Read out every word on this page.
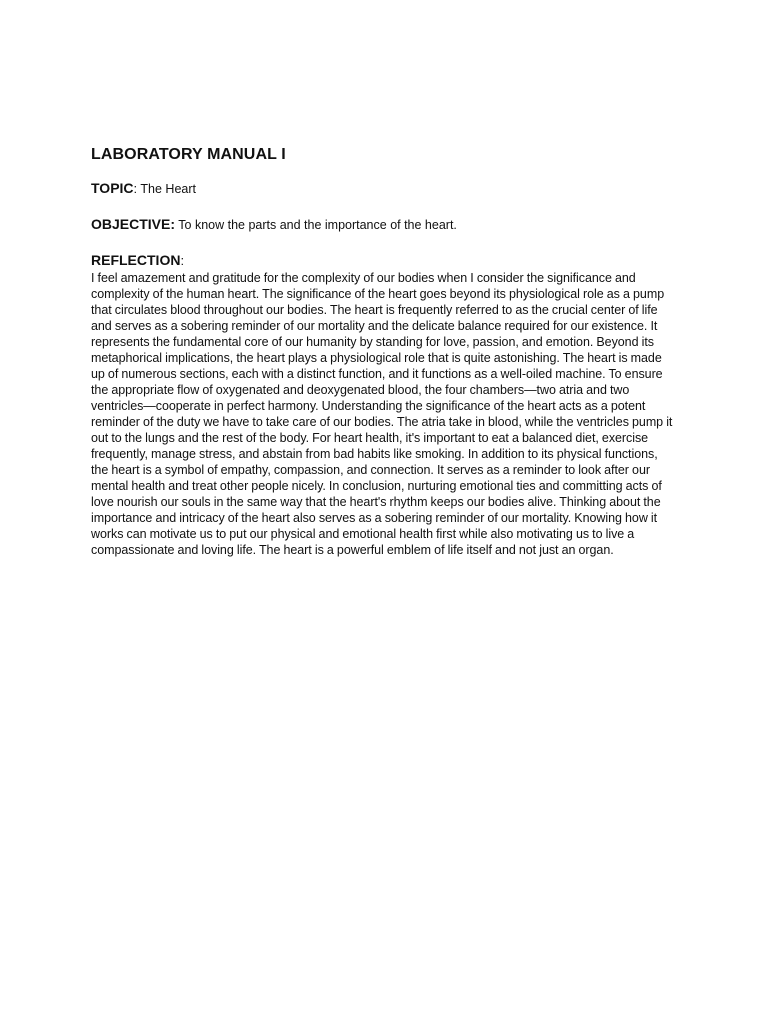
LABORATORY MANUAL I
TOPIC: The Heart
OBJECTIVE: To know the parts and the importance of the heart.
REFLECTION:

I feel amazement and gratitude for the complexity of our bodies when I consider the significance and complexity of the human heart. The significance of the heart goes beyond its physiological role as a pump that circulates blood throughout our bodies. The heart is frequently referred to as the crucial center of life and serves as a sobering reminder of our mortality and the delicate balance required for our existence. It represents the fundamental core of our humanity by standing for love, passion, and emotion. Beyond its metaphorical implications, the heart plays a physiological role that is quite astonishing. The heart is made up of numerous sections, each with a distinct function, and it functions as a well-oiled machine. To ensure the appropriate flow of oxygenated and deoxygenated blood, the four chambers—two atria and two ventricles—cooperate in perfect harmony. Understanding the significance of the heart acts as a potent reminder of the duty we have to take care of our bodies. The atria take in blood, while the ventricles pump it out to the lungs and the rest of the body. For heart health, it's important to eat a balanced diet, exercise frequently, manage stress, and abstain from bad habits like smoking. In addition to its physical functions, the heart is a symbol of empathy, compassion, and connection. It serves as a reminder to look after our mental health and treat other people nicely. In conclusion, nurturing emotional ties and committing acts of love nourish our souls in the same way that the heart's rhythm keeps our bodies alive. Thinking about the importance and intricacy of the heart also serves as a sobering reminder of our mortality. Knowing how it works can motivate us to put our physical and emotional health first while also motivating us to live a compassionate and loving life. The heart is a powerful emblem of life itself and not just an organ.
